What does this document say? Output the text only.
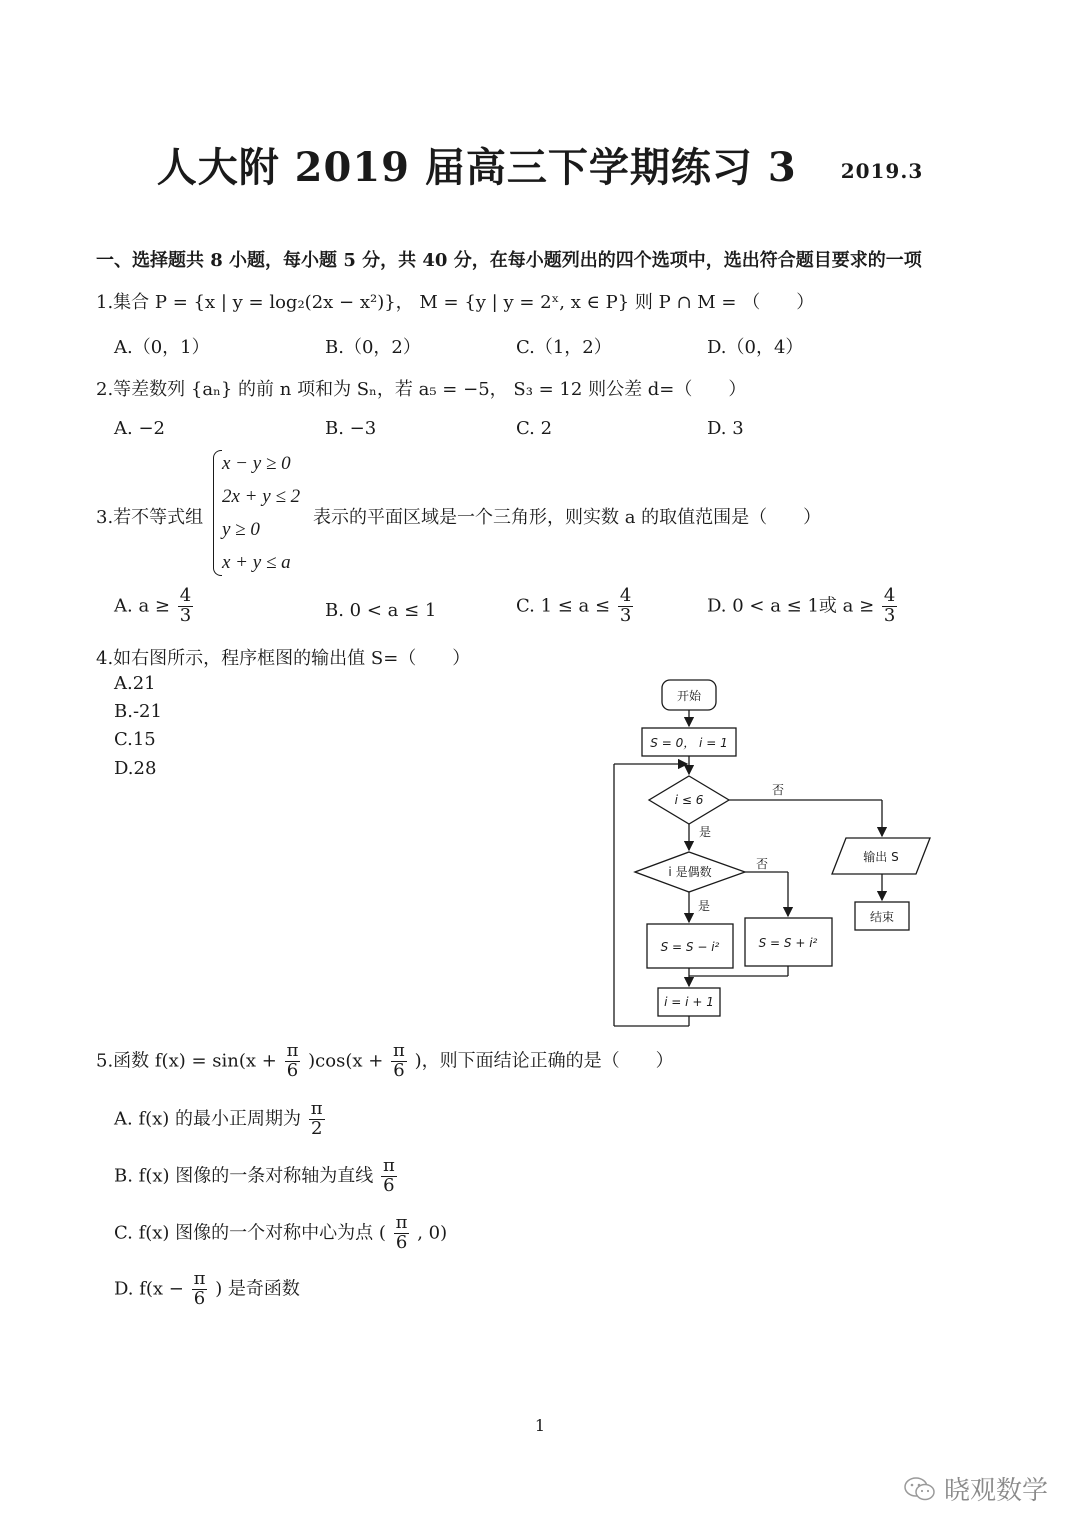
人大附 2019 届高三下学期练习 3 2019.3
一、选择题共 8 小题，每小题 5 分，共 40 分，在每小题列出的四个选项中，选出符合题目要求的一项
1.集合 P = {x | y = log₂(2x − x²)}， M = {y | y = 2ˣ, x ∈ P} 则 P ∩ M = （　　）
A.（0，1）	B.（0，2）	C.（1，2）	D.（0，4）
2.等差数列 {aₙ} 的前 n 项和为 Sₙ，若 a₅ = −5， S₃ = 12 则公差 d=（　　）
A. −2	B. −3	C. 2	D. 3
3.若不等式组
x − y ≥ 0
2x + y ≤ 2
y ≥ 0
x + y ≤ a
表示的平面区域是一个三角形，则实数 a 的取值范围是（　　）
A. $a \ge \frac{4}{3}$	B. 0 < a ≤ 1	C. $1 \le a \le \frac{4}{3}$	D. 0 < a ≤ 1或 $a \ge \frac{4}{3}$
4.如右图所示，程序框图的输出值 S=（　　）
A.21
B.-21
C.15
D.28
开始
S = 0， i = 1
i ≤ 6
否
是
输出 S
结束
i 是偶数
否
是
S = S − i²	S = S + i²
i = i + 1
5.函数 $f(x) = \sin(x + \frac{\pi}{6} )\cos(x + \frac{\pi}{6}$ )，则下面结论正确的是（　　）
A. f(x) 的最小正周期为 $\frac{\pi}{2}$
B. f(x) 图像的一条对称轴为直线 $\frac{\pi}{6}$
C. f(x) 图像的一个对称中心为点 ( $\frac{\pi}{6}$ , 0)
D. $f(x - \frac{\pi}{6}$ ) 是奇函数
1
晓观数学
